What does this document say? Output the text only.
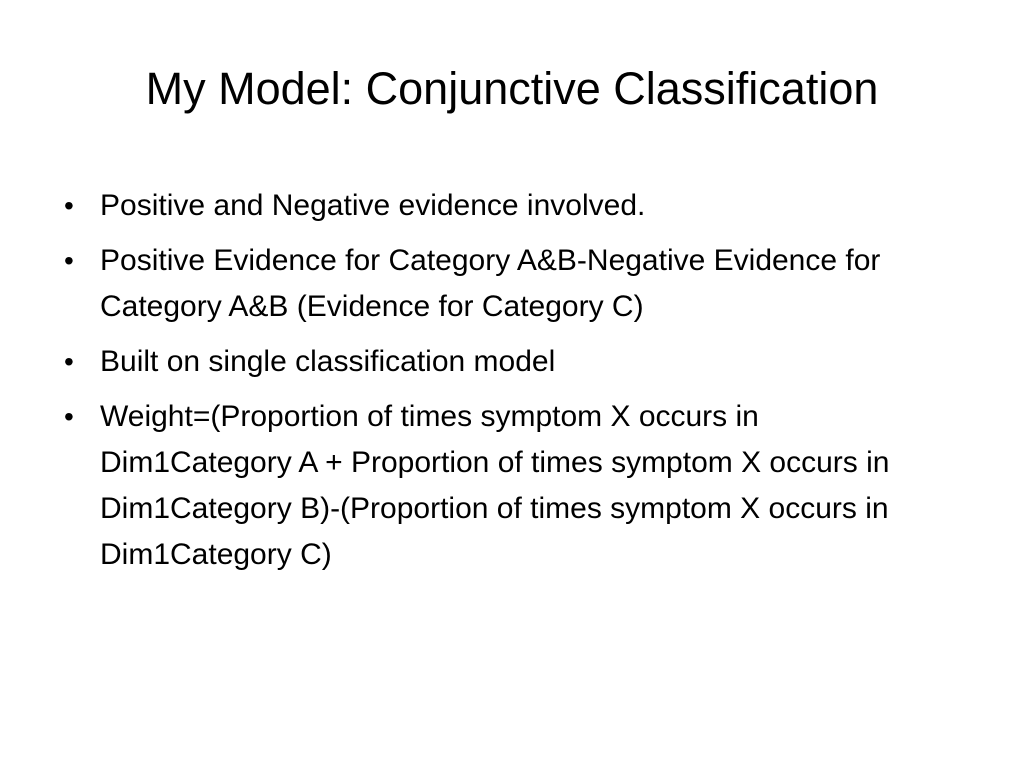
My Model: Conjunctive Classification
• Positive and Negative evidence involved.
• Positive Evidence for Category A&B-Negative Evidence for Category A&B (Evidence for Category C)
• Built on single classification model
• Weight=(Proportion of times symptom X occurs in Dim1Category A + Proportion of times symptom X occurs in Dim1Category B)-(Proportion of times symptom X occurs in Dim1Category C)
